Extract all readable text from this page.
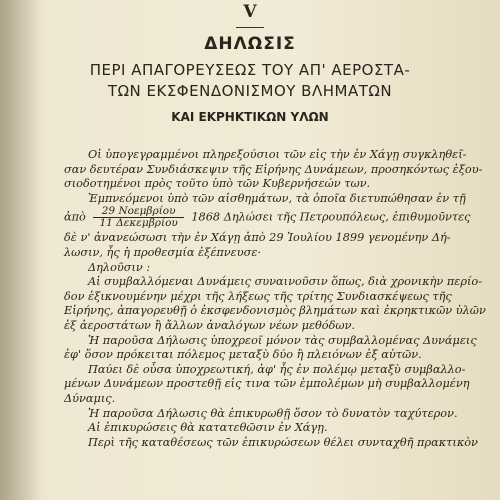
V
ΔΗΛΩΣΙΣ
ΠΕΡΙ ΑΠΑΓΟΡΕΥΣΕΩΣ ΤΟΥ ΑΠ' ΑΕΡΟΣΤΑ-
ΤΩΝ ΕΚΣΦΕΝΔΟΝΙΣΜΟΥ ΒΛΗΜΑΤΩΝ
ΚΑΙ ΕΚΡΗΚΤΙΚΩΝ ΥΛΩΝ
Οἱ ὑπογεγραμμένοι πληρεξούσιοι τῶν εἰς τὴν ἐν Χάγῃ συγκληθεῖ-
σαν δευτέραν Συνδιάσκεψιν τῆς Εἰρήνης Δυνάμεων, προσηκόντως ἐξου-
σιοδοτημένοι πρὸς τοῦτο ὑπὸ τῶν Κυβερνήσεών των.
Ἐμπνεόμενοι ὑπὸ τῶν αἰσθημάτων, τὰ ὁποῖα διετυπώθησαν ἐν τῇ
ἀπὸ $\frac{\text{29 Νοεμβρίου}}{\text{11 Δεκεμβρίου}} 1868$ Δηλώσει τῆς Πετρουπόλεως, ἐπιθυμοῦντες
δὲ ν' ἀνανεώσωσι τὴν ἐν Χάγῃ ἀπὸ 29 Ἰουλίου 1899 γενομένην Δή-
λωσιν, ἧς ἡ προθεσμία ἐξέπνευσε·
Δηλοῦσιν :
Αἱ συμβαλλόμεναι Δυνάμεις συναινοῦσιν ὅπως, διὰ χρονικὴν περίο-
δον ἐξικνουμένην μέχρι τῆς λήξεως τῆς τρίτης Συνδιασκέψεως τῆς
Εἰρήνης, ἀπαγορευθῇ ὁ ἐκσφενδονισμὸς βλημάτων καὶ ἐκρηκτικῶν ὑλῶν
ἐξ ἀεροστάτων ἢ ἄλλων ἀναλόγων νέων μεθόδων.
Ἡ παροῦσα Δήλωσις ὑποχρεοῖ μόνον τὰς συμβαλλομένας Δυνάμεις
ἐφ' ὅσον πρόκειται πόλεμος μεταξὺ δύο ἢ πλειόνων ἐξ αὐτῶν.
Παύει δὲ οὖσα ὑποχρεωτική, ἀφ' ἧς ἐν πολέμῳ μεταξὺ συμβαλλο-
μένων Δυνάμεων προστεθῇ εἰς τινα τῶν ἐμπολέμων μὴ συμβαλλομένη
Δύναμις.
Ἡ παροῦσα Δήλωσις θὰ ἐπικυρωθῇ ὅσον τὸ δυνατὸν ταχύτερον.
Αἱ ἐπικυρώσεις θὰ κατατεθῶσιν ἐν Χάγῃ.
Περὶ τῆς καταθέσεως τῶν ἐπικυρώσεων θέλει συνταχθῆ πρακτικὸν
